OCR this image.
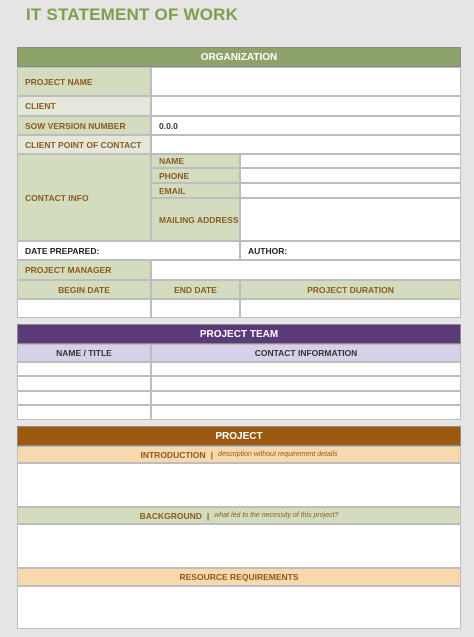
IT STATEMENT OF WORK
ORGANIZATION
PROJECT NAME
CLIENT
SOW VERSION NUMBER	0.0.0
CLIENT POINT OF CONTACT
CONTACT INFO
NAME
PHONE
EMAIL
MAILING ADDRESS
DATE PREPARED:	AUTHOR:
PROJECT MANAGER
BEGIN DATE	END DATE	PROJECT DURATION
PROJECT TEAM
NAME / TITLE	CONTACT INFORMATION
PROJECT
INTRODUCTION | description without requirement details
BACKGROUND | what led to the necessity of this project?
RESOURCE REQUIREMENTS
